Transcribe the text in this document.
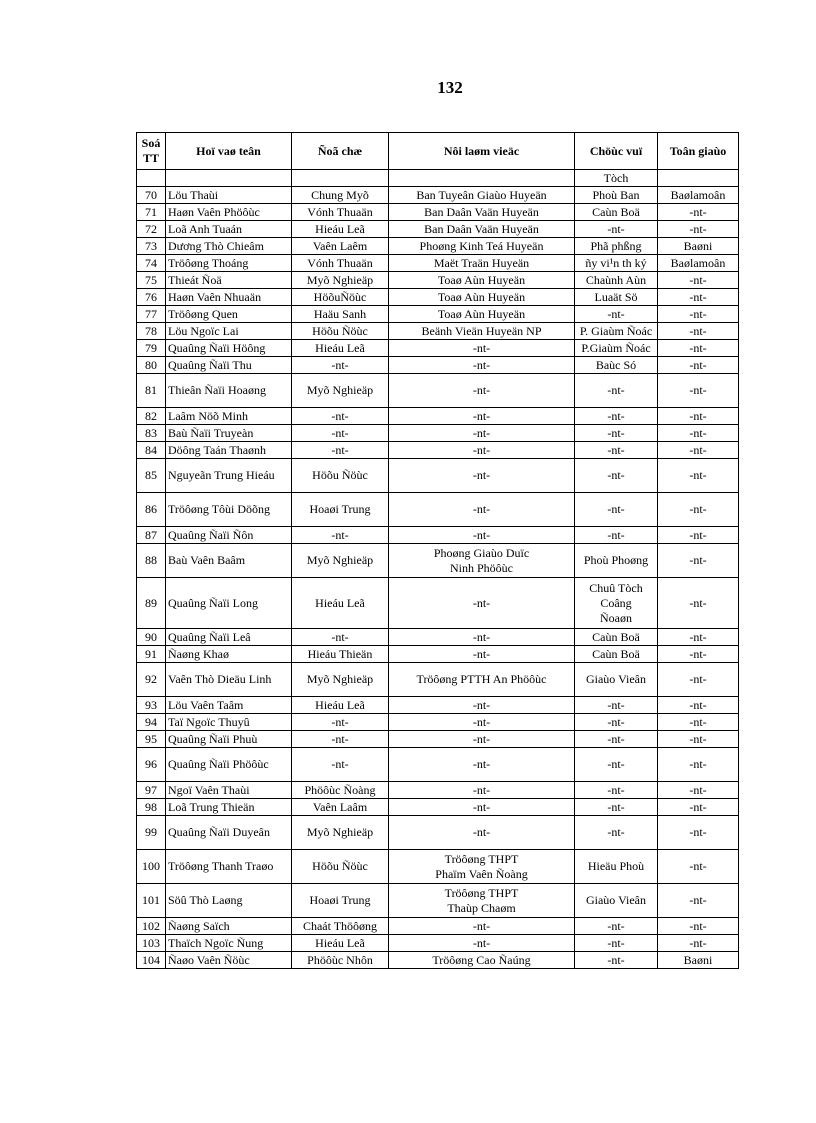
132
Soá TT	Hoï vaø teân	Ñoã chæ	Nôi laøm vieäc	Chöùc vuï	Toân giaùo
				Tòch	
70	Löu Thaùi	Chung Myõ	Ban Tuyeân Giaùo Huyeän	Phoù Ban	Baølamoân
71	Haøn Vaên Phöôùc	Vónh Thuaän	Ban Daân Vaän Huyeän	Caùn Boä	-nt-
72	Loã Anh Tuaán	Hieáu Leã	Ban Daân Vaän Huyeän	-nt-	-nt-
73	Dương Thò Chieâm	Vaên Laêm	Phoøng Kinh Teá Huyeän	Phã phßng	Baøni
74	Tröôøng Thoáng	Vónh Thuaän	Maët Traän Huyeän	ñy vi¹n th ký	Baølamoân
75	Thieát Ñoä	Myõ Nghieäp	Toaø Aùn Huyeän	Chaùnh Aùn	-nt-
76	Haøn Vaên Nhuaän	HöõuÑöùc	Toaø Aùn Huyeän	Luaät Sö	-nt-
77	Tröôøng Quen	Haäu Sanh	Toaø Aùn Huyeän	-nt-	-nt-
78	Löu Ngoïc Lai	Höõu Ñöùc	Beänh Vieän Huyeän NP	P. Giaùm Ñoác	-nt-
79	Quaûng Ñaïi Höông	Hieáu Leã	-nt-	P.Giaùm Ñoác	-nt-
80	Quaûng Ñaïi Thu	-nt-	-nt-	Baùc Só	-nt-
81	Thieân Ñaïi Hoaøng	Myõ Nghieäp	-nt-	-nt-	-nt-
82	Laâm Nöõ Minh	-nt-	-nt-	-nt-	-nt-
83	Baù Ñaïi Truyeàn	-nt-	-nt-	-nt-	-nt-
84	Döông Taán Thaønh	-nt-	-nt-	-nt-	-nt-
85	Nguyeãn Trung Hieáu	Höõu Ñöùc	-nt-	-nt-	-nt-
86	Tröôøng Tôùi Döõng	Hoaøi Trung	-nt-	-nt-	-nt-
87	Quaûng Ñaïi Ñôn	-nt-	-nt-	-nt-	-nt-
88	Baù Vaên Baâm	Myõ Nghieäp	Phoøng Giaùo Duïc
Ninh Phöôùc	Phoù Phoøng	-nt-
89	Quaûng Ñaïi Long	Hieáu Leã	-nt-	Chuû Tòch
Coâng
Ñoaøn	-nt-
90	Quaûng Ñaïi Leâ	-nt-	-nt-	Caùn Boä	-nt-
91	Ñaøng Khaø	Hieáu Thieän	-nt-	Caùn Boä	-nt-
92	Vaên Thò Dieäu Linh	Myõ Nghieäp	Tröôøng PTTH An Phöôùc	Giaùo Vieân	-nt-
93	Löu Vaên Taâm	Hieáu Leã	-nt-	-nt-	-nt-
94	Taï Ngoïc Thuyû	-nt-	-nt-	-nt-	-nt-
95	Quaûng Ñaïi Phuù	-nt-	-nt-	-nt-	-nt-
96	Quaûng Ñaïi Phöôùc	-nt-	-nt-	-nt-	-nt-
97	Ngoï Vaên Thaùi	Phöôùc Ñoàng	-nt-	-nt-	-nt-
98	Loã Trung Thieän	Vaên Laâm	-nt-	-nt-	-nt-
99	Quaûng Ñaïi Duyeân	Myõ Nghieäp	-nt-	-nt-	-nt-
100	Tröôøng Thanh Traøo	Höõu Ñöùc	Tröôøng THPT
Phaïm Vaên Ñoàng	Hieäu Phoù	-nt-
101	Söû Thò Laøng	Hoaøi Trung	Tröôøng THPT
Thaùp Chaøm	Giaùo Vieân	-nt-
102	Ñaøng Saïch	Chaát Thöôøng	-nt-	-nt-	-nt-
103	Thaïch Ngoïc Ñung	Hieáu Leã	-nt-	-nt-	-nt-
104	Ñaøo Vaên Ñöùc	Phöôùc Nhôn	Tröôøng Cao Ñaúng	-nt-	Baøni
